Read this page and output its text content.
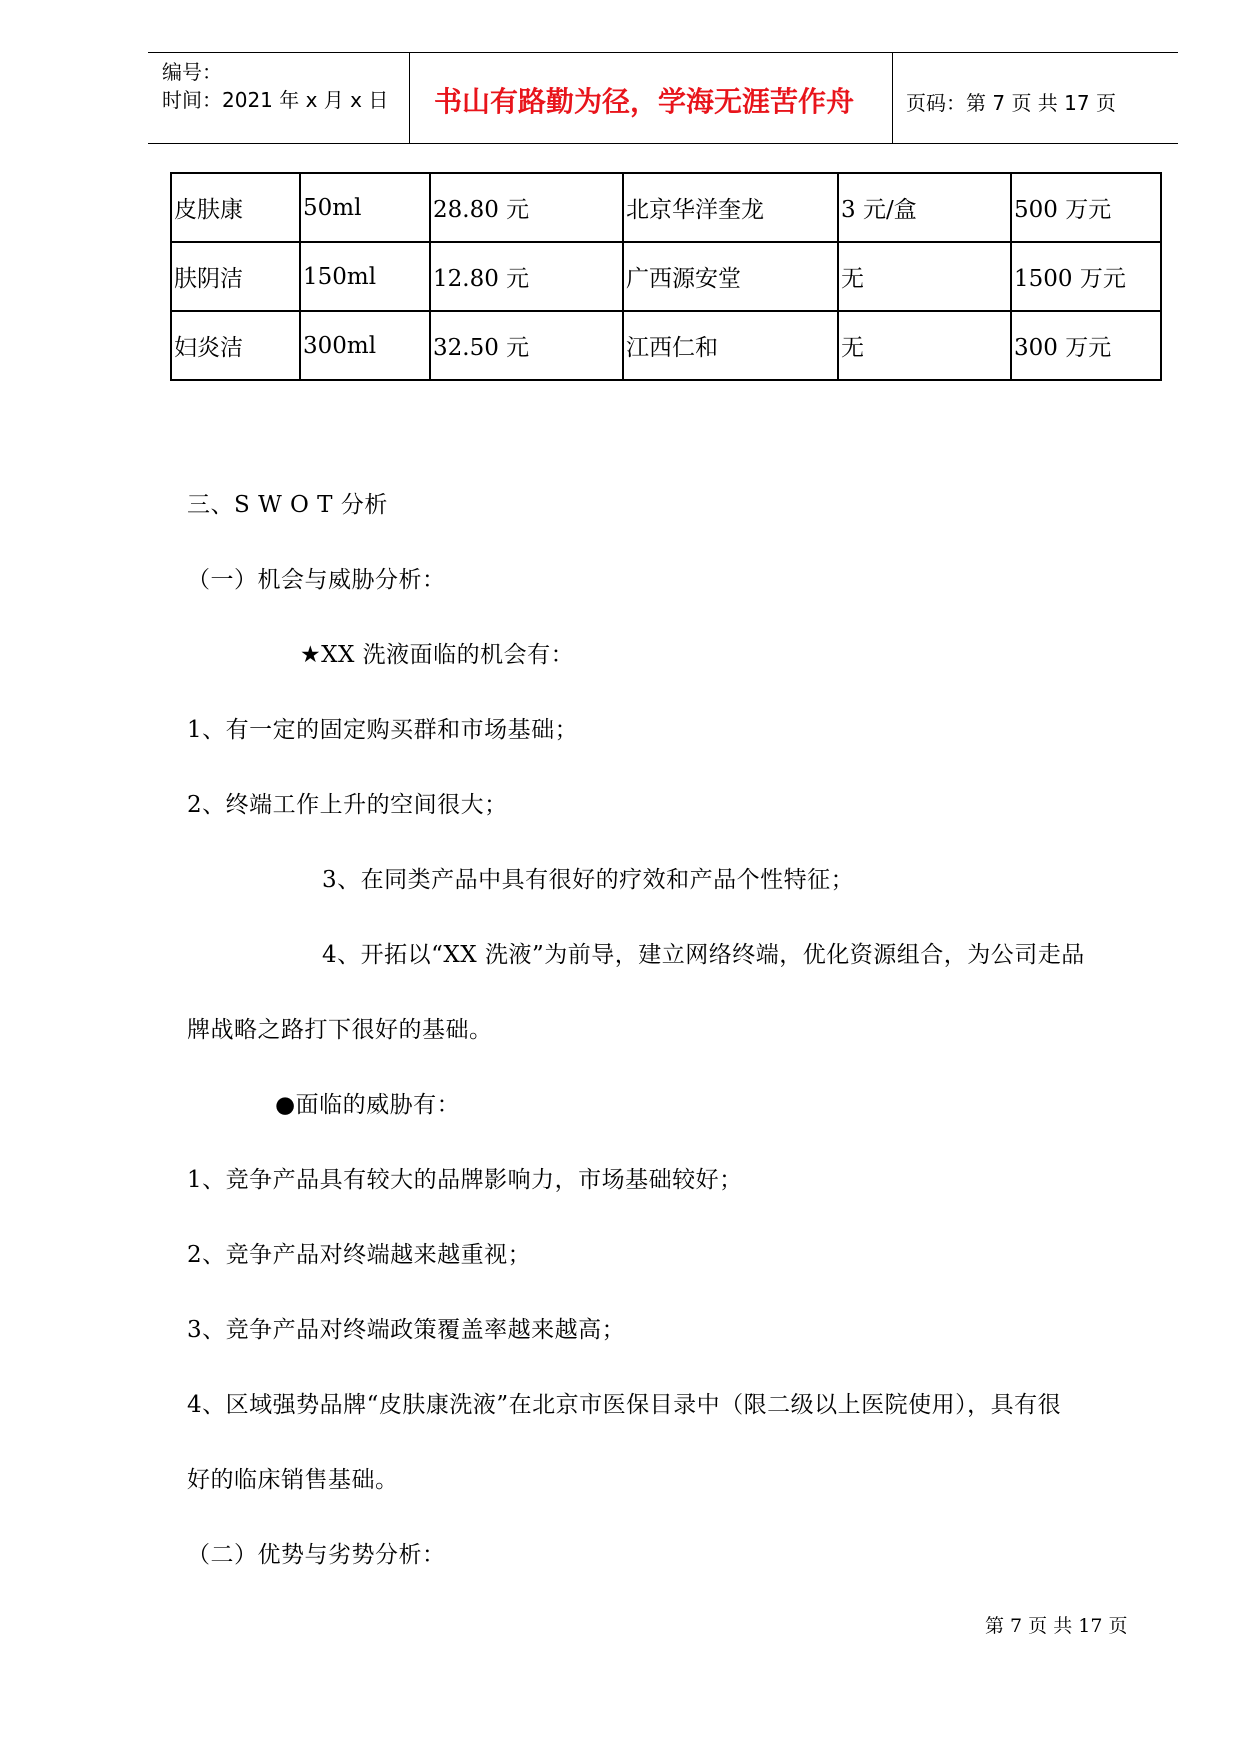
编号：
时间：2021 年 x 月 x 日 书山有路勤为径，学海无涯苦作舟	页码：第 7 页 共 17 页
皮肤康	50ml	28.80 元	北京华洋奎龙	3 元/盒	500 万元
肤阴洁	150ml	12.80 元	广西源安堂	无	1500 万元
妇炎洁	300ml	32.50 元	江西仁和	无	300 万元
三、S W O T 分析
（一）机会与威胁分析：
★XX 洗液面临的机会有：
1、有一定的固定购买群和市场基础；
2、终端工作上升的空间很大；
3、在同类产品中具有很好的疗效和产品个性特征；
4、开拓以“XX 洗液”为前导，建立网络终端，优化资源组合，为公司走品
牌战略之路打下很好的基础。
●面临的威胁有：
1、竞争产品具有较大的品牌影响力，市场基础较好；
2、竞争产品对终端越来越重视；
3、竞争产品对终端政策覆盖率越来越高；
4、区域强势品牌“皮肤康洗液”在北京市医保目录中（限二级以上医院使用），具有很
好的临床销售基础。
（二）优势与劣势分析：
第 7 页 共 17 页
